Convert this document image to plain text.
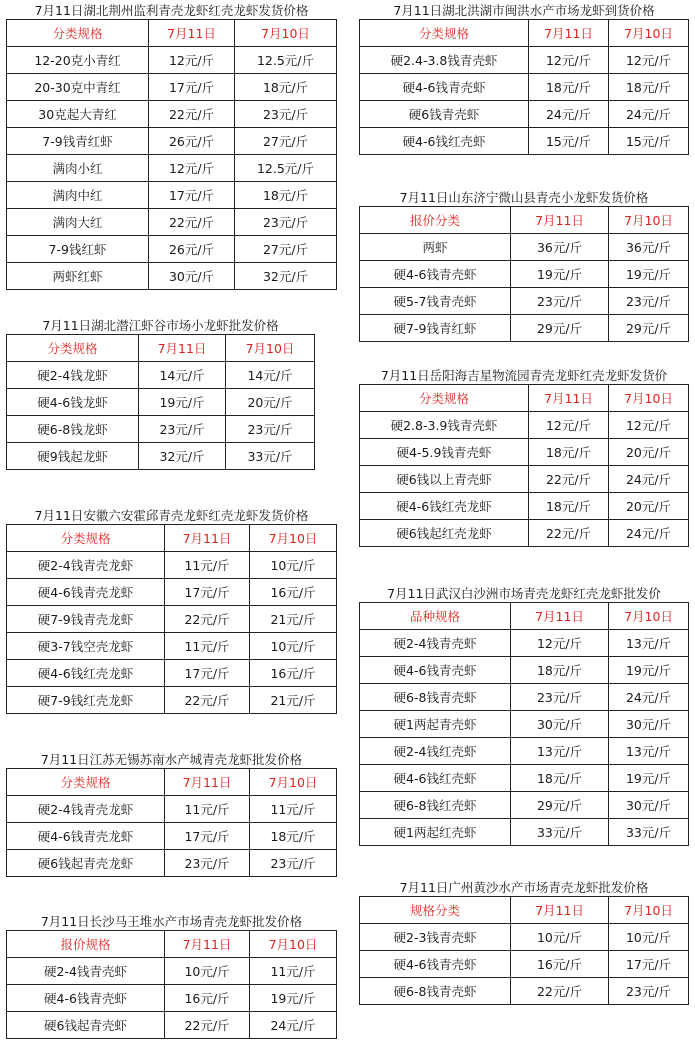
7月11日湖北荆州监利青壳龙虾红壳龙虾发货价格
分类规格	7月11日	7月10日
12-20克小青红	12元/斤	12.5元/斤
20-30克中青红	17元/斤	18元/斤
30克起大青红	22元/斤	23元/斤
7-9钱青红虾	26元/斤	27元/斤
满肉小红	12元/斤	12.5元/斤
满肉中红	17元/斤	18元/斤
满肉大红	22元/斤	23元/斤
7-9钱红虾	26元/斤	27元/斤
两虾红虾	30元/斤	32元/斤
7月11日湖北潜江虾谷市场小龙虾批发价格
分类规格	7月11日	7月10日
硬2-4钱龙虾	14元/斤	14元/斤
硬4-6钱龙虾	19元/斤	20元/斤
硬6-8钱龙虾	23元/斤	23元/斤
硬9钱起龙虾	32元/斤	33元/斤
7月11日安徽六安霍邱青壳龙虾红壳龙虾发货价格
分类规格	7月11日	7月10日
硬2-4钱青壳龙虾	11元/斤	10元/斤
硬4-6钱青壳龙虾	17元/斤	16元/斤
硬7-9钱青壳龙虾	22元/斤	21元/斤
硬3-7钱空壳龙虾	11元/斤	10元/斤
硬4-6钱红壳龙虾	17元/斤	16元/斤
硬7-9钱红壳龙虾	22元/斤	21元/斤
7月11日江苏无锡苏南水产城青壳龙虾批发价格
分类规格	7月11日	7月10日
硬2-4钱青壳龙虾	11元/斤	11元/斤
硬4-6钱青壳龙虾	17元/斤	18元/斤
硬6钱起青壳龙虾	23元/斤	23元/斤
7月11日长沙马王堆水产市场青壳龙虾批发价格
报价规格	7月11日	7月10日
硬2-4钱青壳虾	10元/斤	11元/斤
硬4-6钱青壳虾	16元/斤	19元/斤
硬6钱起青壳虾	22元/斤	24元/斤
7月11日湖北洪湖市闽洪水产市场龙虾到货价格
分类规格	7月11日	7月10日
硬2.4-3.8钱青壳虾	12元/斤	12元/斤
硬4-6钱青壳虾	18元/斤	18元/斤
硬6钱青壳虾	24元/斤	24元/斤
硬4-6钱红壳虾	15元/斤	15元/斤
7月11日山东济宁微山县青壳小龙虾发货价格
报价分类	7月11日	7月10日
两虾	36元/斤	36元/斤
硬4-6钱青壳虾	19元/斤	19元/斤
硬5-7钱青壳虾	23元/斤	23元/斤
硬7-9钱青红虾	29元/斤	29元/斤
7月11日岳阳海吉星物流园青壳龙虾红壳龙虾发货价
分类规格	7月11日	7月10日
硬2.8-3.9钱青壳虾	12元/斤	12元/斤
硬4-5.9钱青壳虾	18元/斤	20元/斤
硬6钱以上青壳虾	22元/斤	24元/斤
硬4-6钱红壳龙虾	18元/斤	20元/斤
硬6钱起红壳龙虾	22元/斤	24元/斤
7月11日武汉白沙洲市场青壳龙虾红壳龙虾批发价
品种规格	7月11日	7月10日
硬2-4钱青壳虾	12元/斤	13元/斤
硬4-6钱青壳虾	18元/斤	19元/斤
硬6-8钱青壳虾	23元/斤	24元/斤
硬1两起青壳虾	30元/斤	30元/斤
硬2-4钱红壳虾	13元/斤	13元/斤
硬4-6钱红壳虾	18元/斤	19元/斤
硬6-8钱红壳虾	29元/斤	30元/斤
硬1两起红壳虾	33元/斤	33元/斤
7月11日广州黄沙水产市场青壳龙虾批发价格
规格分类	7月11日	7月10日
硬2-3钱青壳虾	10元/斤	10元/斤
硬4-6钱青壳虾	16元/斤	17元/斤
硬6-8钱青壳虾	22元/斤	23元/斤
